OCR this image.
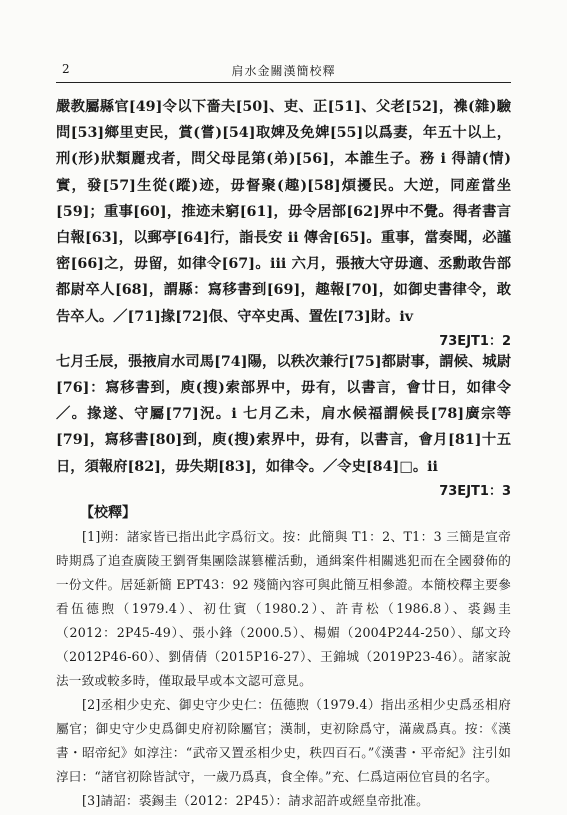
2	肩水金關漢簡校釋

嚴教屬縣官[49]令以下嗇夫[50]、吏、正[51]、父老[52]，襍(雜)驗問[53]鄉里吏民，賞(嘗)[54]取婢及免婢[55]以爲妻，年五十以上，刑(形)狀類麗戎者，問父母昆第(弟)[56]，本誰生子。務 i 得請(情)實，發[57]生從(蹤)迹，毋督聚(趣)[58]煩擾民。大逆，同産當坐[59]；重事[60]，推迹未窮[61]，毋令居部[62]界中不覺。得者書言白報[63]，以郵亭[64]行，詣長安 ii 傳舍[65]。重事，當奏聞，必謹密[66]之，毋留，如律令[67]。iii 六月，張掖大守毋適、丞勳敢告部都尉卒人[68]，謂縣：寫移書到[69]，趣報[70]，如御史書律令，敢告卒人。／[71]掾[72]佷、守卒史禹、置佐[73]財。iv

73EJT1：2

七月壬辰，張掖肩水司馬[74]陽，以秩次兼行[75]都尉事，謂候、城尉[76]：寫移書到，庾(搜)索部界中，毋有，以書言，會廿日，如律令／。掾遂、守屬[77]況。i 七月乙未，肩水候福謂候長[78]廣宗等[79]，寫移書[80]到，庾(搜)索界中，毋有，以書言，會月[81]十五日，須報府[82]，毋失期[83]，如律令。／令史[84]□。ii

73EJT1：3
【校釋】

[1]朔：諸家皆已指出此字爲衍文。按：此簡與 T1：2、T1：3 三簡是宣帝時期爲了追查廣陵王劉胥集團陰謀篡權活動，通緝案件相關逃犯而在全國發佈的一份文件。居延新簡 EPT43：92 殘簡內容可與此簡互相參證。本簡校釋主要參看伍德煦（1979.4）、初仕賓（1980.2）、許青松（1986.8）、裘錫圭（2012：2P45-49）、張小鋒（2000.5）、楊媚（2004P244-250）、鄔文玲（2012P46-60）、劉倩倩（2015P16-27）、王錦城（2019P23-46）。諸家說法一致或較多時，僅取最早或本文認可意見。

[2]丞相少史充、御史守少史仁：伍德煦（1979.4）指出丞相少史爲丞相府屬官；御史守少史爲御史府初除屬官；漢制，吏初除爲守，滿歲爲真。按：《漢書・昭帝紀》如淳注：“武帝又置丞相少史，秩四百石。”《漢書・平帝紀》注引如淳曰：“諸官初除皆試守，一歲乃爲真，食全俸。”充、仁爲這兩位官員的名字。

[3]請詔：裘錫圭（2012：2P45）：請求詔許或經皇帝批准。
